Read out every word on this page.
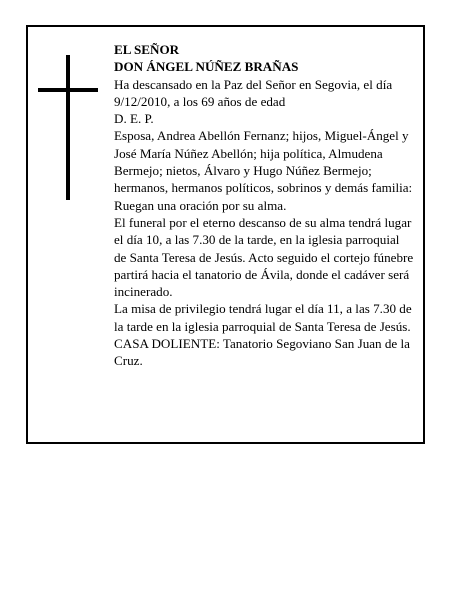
EL SEÑOR

DON ÁNGEL NÚÑEZ BRAÑAS

Ha descansado en la Paz del Señor en Segovia, el día 9/12/2010, a los 69 años de edad

D. E. P.

Esposa, Andrea Abellón Fernanz; hijos, Miguel-Ángel y José María Núñez Abellón; hija política, Almudena Bermejo; nietos, Álvaro y Hugo Núñez Bermejo; hermanos, hermanos políticos, sobrinos y demás familia:

Ruegan una oración por su alma.

El funeral por el eterno descanso de su alma tendrá lugar el día 10, a las 7.30 de la tarde, en la iglesia parroquial de Santa Teresa de Jesús. Acto seguido el cortejo fúnebre partirá hacia el tanatorio de Ávila, donde el cadáver será incinerado.

La misa de privilegio tendrá lugar el día 11, a las 7.30 de la tarde en la iglesia parroquial de Santa Teresa de Jesús.

CASA DOLIENTE: Tanatorio Segoviano San Juan de la Cruz.
